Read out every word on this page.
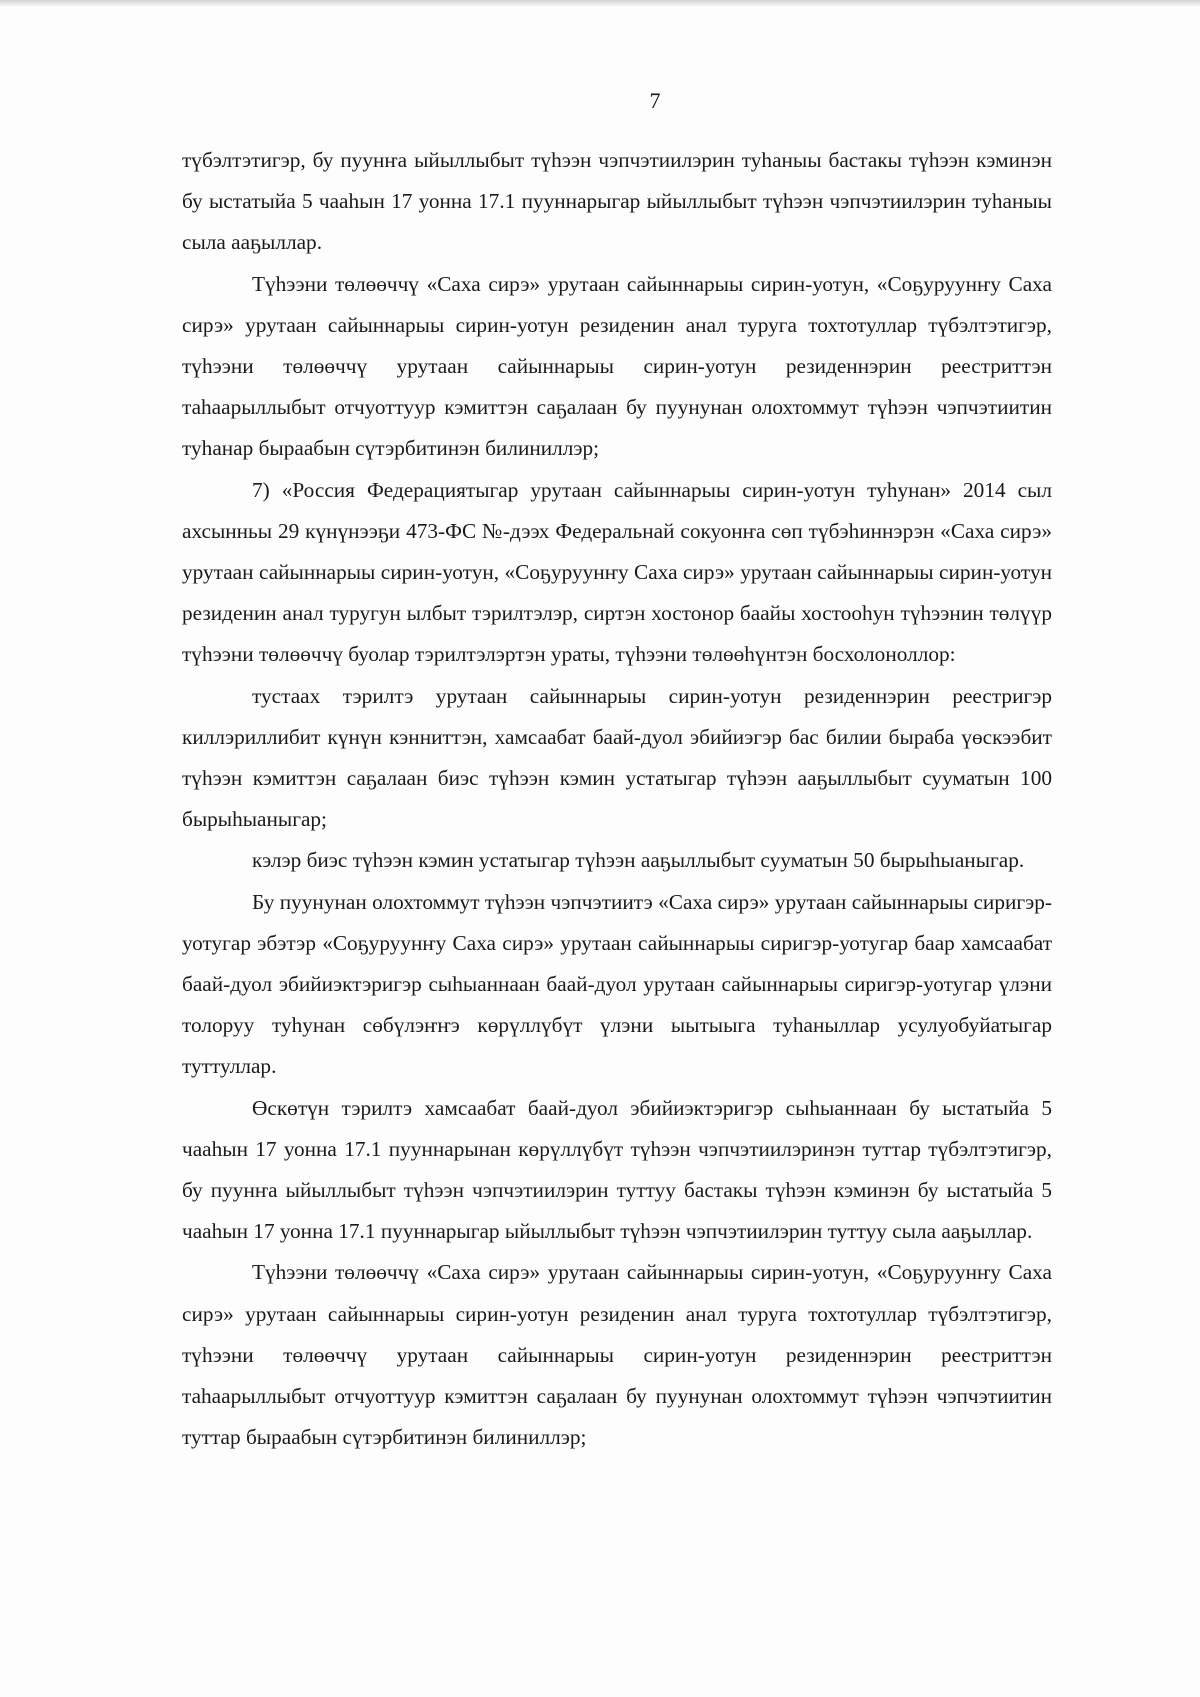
7

түбэлтэтигэр, бу пуунҥа ыйыллыбыт түһээн чэпчэтиилэрин туһаныы бастакы түһээн кэминэн бу ыстатыйа 5 чааһын 17 уонна 17.1 пууннарыгар ыйыллыбыт түһээн чэпчэтиилэрин туһаныы сыла ааҕыллар.

Түһээни төлөөччү «Саха сирэ» урутаан сайыннарыы сирин-уотун, «Соҕуруунҥу Саха сирэ» урутаан сайыннарыы сирин-уотун резиденин анал туруга тохтотуллар түбэлтэтигэр, түһээни төлөөччү урутаан сайыннарыы сирин-уотун резиденнэрин реестриттэн таһаарыллыбыт отчуоттуур кэмиттэн саҕалаан бу пуунунан олохтоммут түһээн чэпчэтиитин туһанар быраабын сүтэрбитинэн билиниллэр;

7) «Россия Федерациятыгар урутаан сайыннарыы сирин-уотун туһунан» 2014 сыл ахсынньы 29 күнүнээҕи 473-ФС №-дээх Федеральнай сокуонҥа сөп түбэһиннэрэн «Саха сирэ» урутаан сайыннарыы сирин-уотун, «Соҕуруунҥу Саха сирэ» урутаан сайыннарыы сирин-уотун резиденин анал туругун ылбыт тэрилтэлэр, сиртэн хостонор баайы хостооһун түһээнин төлүүр түһээни төлөөччү буолар тэрилтэлэртэн ураты, түһээни төлөөһүнтэн босхолоноллор:

тустаах тэрилтэ урутаан сайыннарыы сирин-уотун резиденнэрин реестригэр киллэриллибит күнүн кэнниттэн, хамсаабат баай-дуол эбийиэгэр бас билии быраба үөскээбит түһээн кэмиттэн саҕалаан биэс түһээн кэмин устатыгар түһээн ааҕыллыбыт сууматын 100 бырыһыаныгар;

кэлэр биэс түһээн кэмин устатыгар түһээн ааҕыллыбыт сууматын 50 бырыһыаныгар.

Бу пуунунан олохтоммут түһээн чэпчэтиитэ «Саха сирэ» урутаан сайыннарыы сиригэр-уотугар эбэтэр «Соҕуруунҥу Саха сирэ» урутаан сайыннарыы сиригэр-уотугар баар хамсаабат баай-дуол эбийиэктэригэр сыһыаннаан баай-дуол урутаан сайыннарыы сиригэр-уотугар үлэни толоруу туһунан сөбүлэҥҥэ көрүллүбүт үлэни ыытыыга туһаныллар усулуобуйатыгар туттуллар.

Өскөтүн тэрилтэ хамсаабат баай-дуол эбийиэктэригэр сыһыаннаан бу ыстатыйа 5 чааһын 17 уонна 17.1 пууннарынан көрүллүбүт түһээн чэпчэтиилэринэн туттар түбэлтэтигэр, бу пуунҥа ыйыллыбыт түһээн чэпчэтиилэрин туттуу бастакы түһээн кэминэн бу ыстатыйа 5 чааһын 17 уонна 17.1 пууннарыгар ыйыллыбыт түһээн чэпчэтиилэрин туттуу сыла ааҕыллар.

Түһээни төлөөччү «Саха сирэ» урутаан сайыннарыы сирин-уотун, «Соҕуруунҥу Саха сирэ» урутаан сайыннарыы сирин-уотун резиденин анал туруга тохтотуллар түбэлтэтигэр, түһээни төлөөччү урутаан сайыннарыы сирин-уотун резиденнэрин реестриттэн таһаарыллыбыт отчуоттуур кэмиттэн саҕалаан бу пуунунан олохтоммут түһээн чэпчэтиитин туттар быраабын сүтэрбитинэн билиниллэр;
